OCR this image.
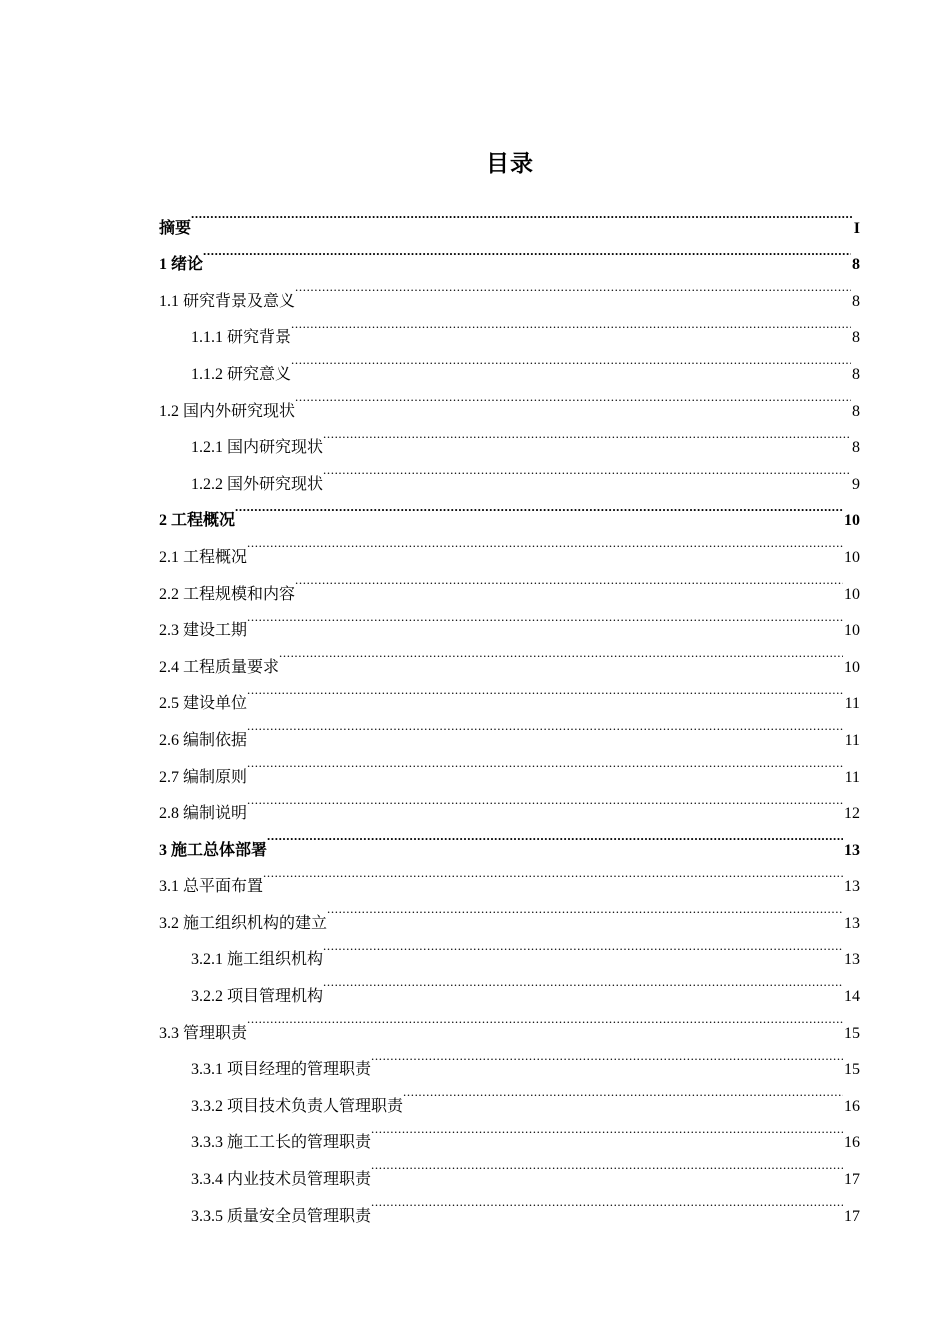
目录
摘要 .....	I
1 绪论 .....	8
1.1 研究背景及意义 .....	8
1.1.1 研究背景 .....	8
1.1.2 研究意义 .....	8
1.2 国内外研究现状 .....	8
1.2.1 国内研究现状 .....	8
1.2.2 国外研究现状 .....	9
2 工程概况 .....	10
2.1 工程概况 .....	10
2.2 工程规模和内容 .....	10
2.3 建设工期 .....	10
2.4 工程质量要求 .....	10
2.5 建设单位 .....	11
2.6 编制依据 .....	11
2.7 编制原则 .....	11
2.8 编制说明 .....	12
3 施工总体部署 .....	13
3.1 总平面布置 .....	13
3.2 施工组织机构的建立 .....	13
3.2.1 施工组织机构 .....	13
3.2.2 项目管理机构 .....	14
3.3 管理职责 .....	15
3.3.1 项目经理的管理职责 .....	15
3.3.2 项目技术负责人管理职责 .....	16
3.3.3 施工工长的管理职责 .....	16
3.3.4 内业技术员管理职责 .....	17
3.3.5 质量安全员管理职责 .....	17
